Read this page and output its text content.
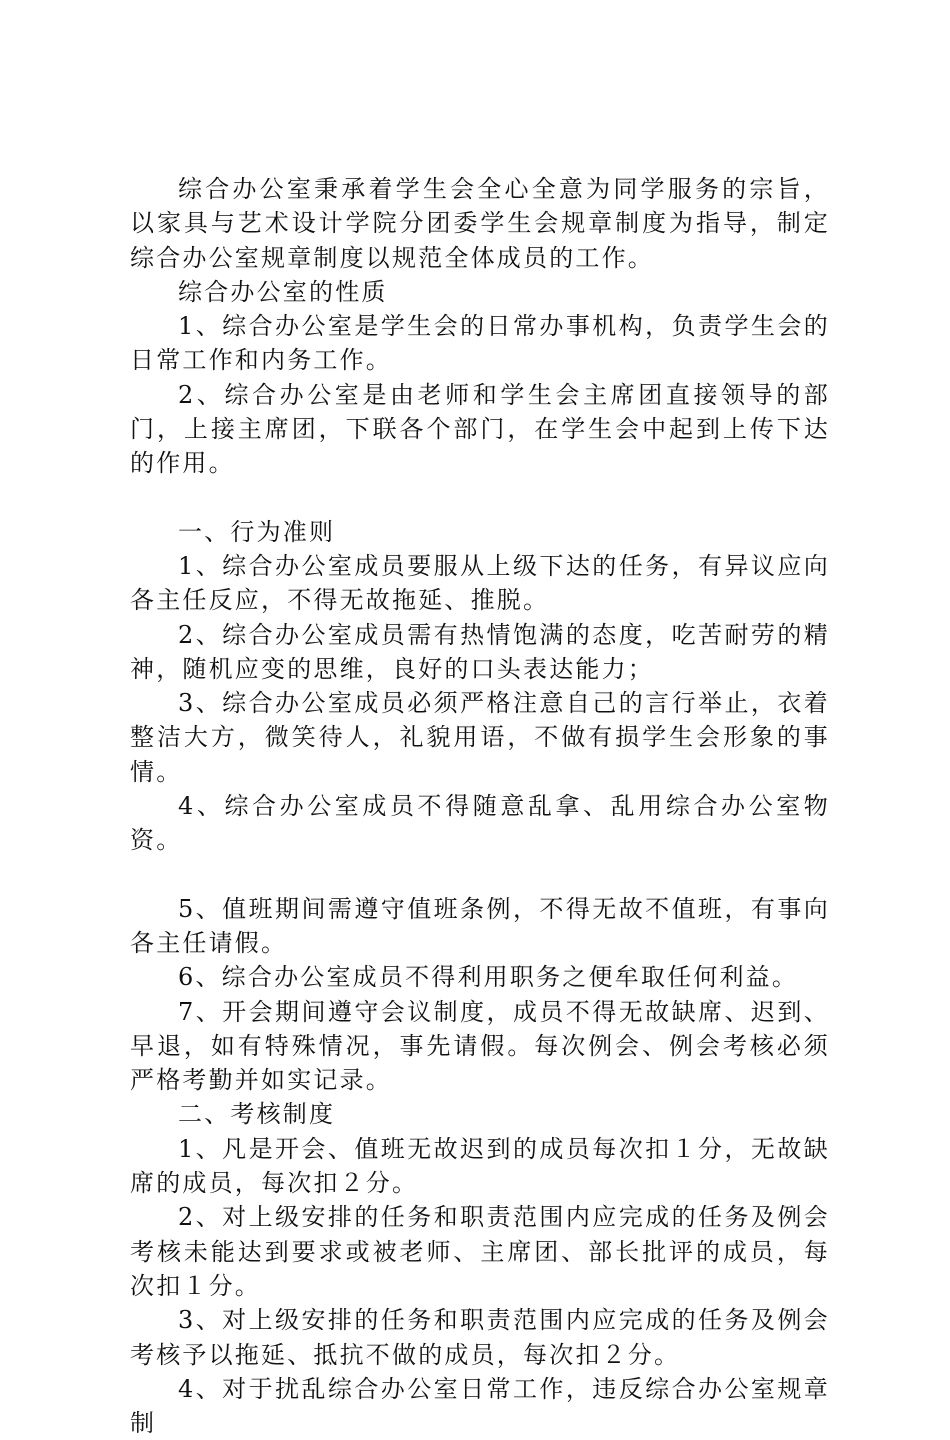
综合办公室秉承着学生会全心全意为同学服务的宗旨，以家具与艺术设计学院分团委学生会规章制度为指导，制定综合办公室规章制度以规范全体成员的工作。

综合办公室的性质

1、综合办公室是学生会的日常办事机构，负责学生会的日常工作和内务工作。

2、综合办公室是由老师和学生会主席团直接领导的部门，上接主席团，下联各个部门，在学生会中起到上传下达的作用。

一、行为准则

1、综合办公室成员要服从上级下达的任务，有异议应向各主任反应，不得无故拖延、推脱。

2、综合办公室成员需有热情饱满的态度，吃苦耐劳的精神，随机应变的思维，良好的口头表达能力；

3、综合办公室成员必须严格注意自己的言行举止，衣着整洁大方，微笑待人，礼貌用语，不做有损学生会形象的事情。

4、综合办公室成员不得随意乱拿、乱用综合办公室物资。

5、值班期间需遵守值班条例，不得无故不值班，有事向各主任请假。

6、综合办公室成员不得利用职务之便牟取任何利益。

7、开会期间遵守会议制度，成员不得无故缺席、迟到、早退，如有特殊情况，事先请假。每次例会、例会考核必须严格考勤并如实记录。

二、考核制度

1、凡是开会、值班无故迟到的成员每次扣１分，无故缺席的成员，每次扣２分。

2、对上级安排的任务和职责范围内应完成的任务及例会考核未能达到要求或被老师、主席团、部长批评的成员，每次扣１分。

3、对上级安排的任务和职责范围内应完成的任务及例会考核予以拖延、抵抗不做的成员，每次扣２分。

4、对于扰乱综合办公室日常工作，违反综合办公室规章制
